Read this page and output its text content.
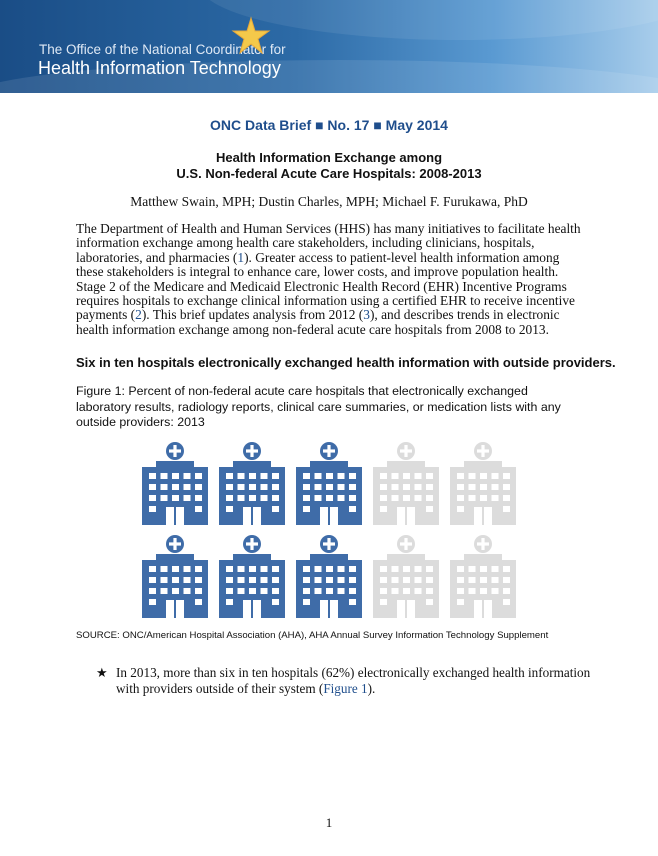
The Office of the National Coordinator for
Health Information Technology
ONC Data Brief ■ No. 17 ■ May 2014
Health Information Exchange among
U.S. Non-federal Acute Care Hospitals: 2008-2013
Matthew Swain, MPH; Dustin Charles, MPH; Michael F. Furukawa, PhD
The Department of Health and Human Services (HHS) has many initiatives to facilitate health information exchange among health care stakeholders, including clinicians, hospitals, laboratories, and pharmacies (1). Greater access to patient-level health information among these stakeholders is integral to enhance care, lower costs, and improve population health. Stage 2 of the Medicare and Medicaid Electronic Health Record (EHR) Incentive Programs requires hospitals to exchange clinical information using a certified EHR to receive incentive payments (2). This brief updates analysis from 2012 (3), and describes trends in electronic health information exchange among non-federal acute care hospitals from 2008 to 2013.
Six in ten hospitals electronically exchanged health information with outside providers.
Figure 1: Percent of non-federal acute care hospitals that electronically exchanged laboratory results, radiology reports, clinical care summaries, or medication lists with any outside providers: 2013
SOURCE: ONC/American Hospital Association (AHA), AHA Annual Survey Information Technology Supplement
★ In 2013, more than six in ten hospitals (62%) electronically exchanged health information with providers outside of their system (Figure 1).
1
